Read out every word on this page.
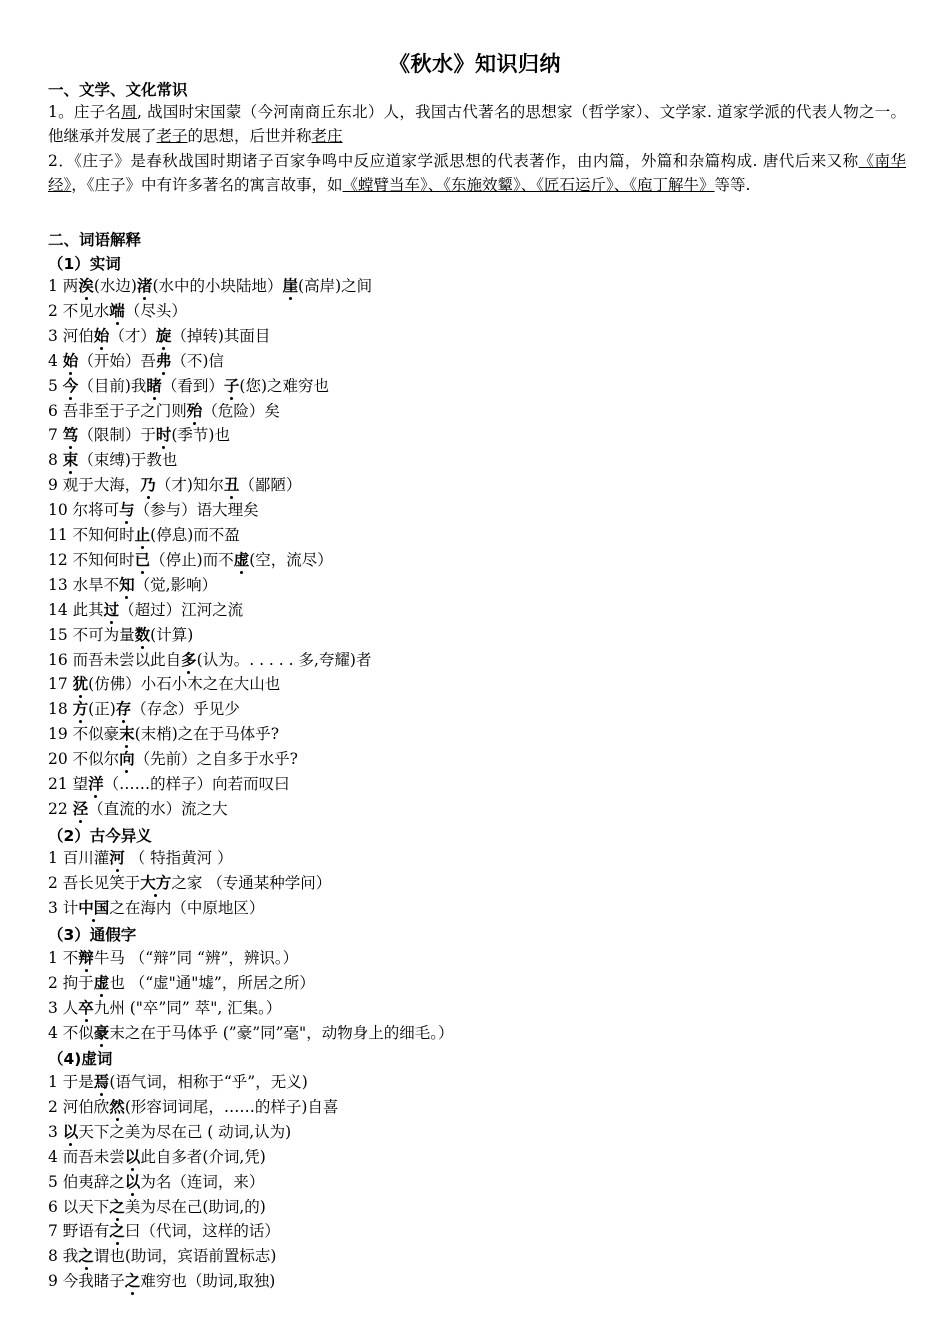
《秋水》知识归纳
一、文学、文化常识
1。庄子名周, 战国时宋国蒙（今河南商丘东北）人，我国古代著名的思想家（哲学家）、文学家. 道家学派的代表人物之一。他继承并发展了老子的思想，后世并称老庄
2．《庄子》是春秋战国时期诸子百家争鸣中反应道家学派思想的代表著作，由内篇，外篇和杂篇构成. 唐代后来又称《南华经》，《庄子》中有许多著名的寓言故事，如《螳臂当车》、《东施效颦》、《匠石运斤》、《庖丁解牛》等等.
二、词语解释
（1）实词
1 两涘(水边)渚(水中的小块陆地）崖(高岸)之间
2 不见水端（尽头）
3 河伯始（才）旋（掉转)其面目
4 始（开始）吾弗（不)信
5 今（目前)我睹（看到）子(您)之难穷也
6 吾非至于子之门则殆（危险）矣
7 笃（限制）于时(季节)也
8 束（束缚)于教也
9 观于大海，乃（才)知尔丑（鄙陋）
10 尔将可与（参与）语大理矣
11 不知何时止(停息)而不盈
12 不知何时已（停止)而不虚(空，流尽）
13 水旱不知（觉,影响）
14 此其过（超过）江河之流
15 不可为量数(计算)
16 而吾未尝以此自多(认为。. . . . . 多,夸耀)者
17 犹(仿佛）小石小木之在大山也
18 方(正)存（存念）乎见少
19 不似豪末(末梢)之在于马体乎?
20 不似尔向（先前）之自多于水乎?
21 望洋（……的样子）向若而叹曰
22 泾（直流的水）流之大
（2）古今异义
1 百川灌河 （ 特指黄河 ）
2 吾长见笑于大方之家 （专通某种学问）
3 计中国之在海内（中原地区）
（3）通假字
1 不辩牛马 （“辩”同 “辨”，辨识。）
2 拘于虚也 （“虚"通"墟”，所居之所）
3 人卒九州 ("卒”同” 萃", 汇集。）
4 不似豪末之在于马体乎 (”豪”同”毫"，动物身上的细毛。）
（4)虚词
1 于是焉(语气词，相称于“乎”，无义)
2 河伯欣然(形容词词尾，……的样子)自喜
3 以天下之美为尽在己 ( 动词,认为)
4 而吾未尝以此自多者(介词,凭)
5 伯夷辞之以为名（连词，来）
6 以天下之美为尽在己(助词,的)
7 野语有之曰（代词，这样的话）
8 我之谓也(助词，宾语前置标志)
9 今我睹子之难穷也（助词,取独)
